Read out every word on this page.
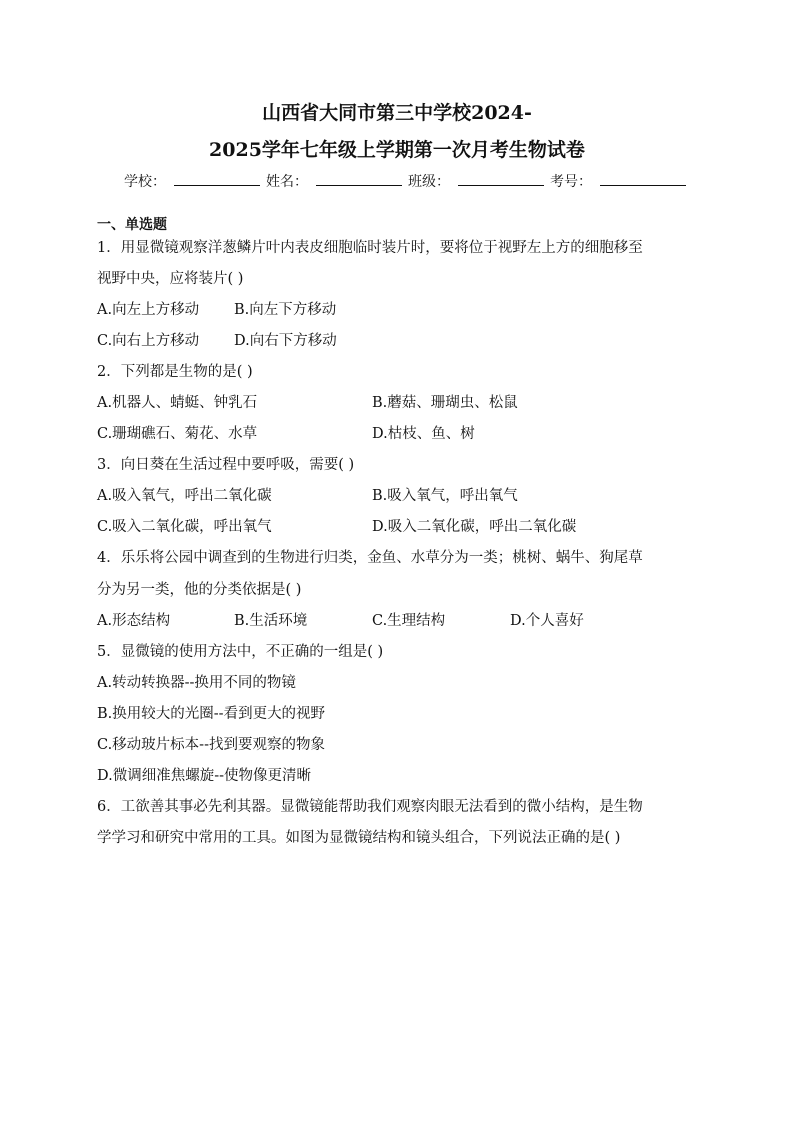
山西省大同市第三中学校2024-
2025学年七年级上学期第一次月考生物试卷
学校：	姓名：	班级：	考号：
一、单选题
1．用显微镜观察洋葱鳞片叶内表皮细胞临时装片时，要将位于视野左上方的细胞移至
视野中央，应将装片( )
A.向左上方移动 B.向左下方移动
C.向右上方移动 D.向右下方移动
2．下列都是生物的是( )
A.机器人、蜻蜓、钟乳石	B.蘑菇、珊瑚虫、松鼠
C.珊瑚礁石、菊花、水草	D.枯枝、鱼、树
3．向日葵在生活过程中要呼吸，需要( )
A.吸入氧气，呼出二氧化碳	B.吸入氧气，呼出氧气
C.吸入二氧化碳，呼出氧气	D.吸入二氧化碳，呼出二氧化碳
4．乐乐将公园中调查到的生物进行归类，金鱼、水草分为一类；桃树、蜗牛、狗尾草
分为另一类，他的分类依据是( )
A.形态结构	B.生活环境	C.生理结构	D.个人喜好
5．显微镜的使用方法中，不正确的一组是( )
A.转动转换器--换用不同的物镜
B.换用较大的光圈--看到更大的视野
C.移动玻片标本--找到要观察的物象
D.微调细准焦螺旋--使物像更清晰
6．工欲善其事必先利其器。显微镜能帮助我们观察肉眼无法看到的微小结构，是生物
学学习和研究中常用的工具。如图为显微镜结构和镜头组合，下列说法正确的是( )
